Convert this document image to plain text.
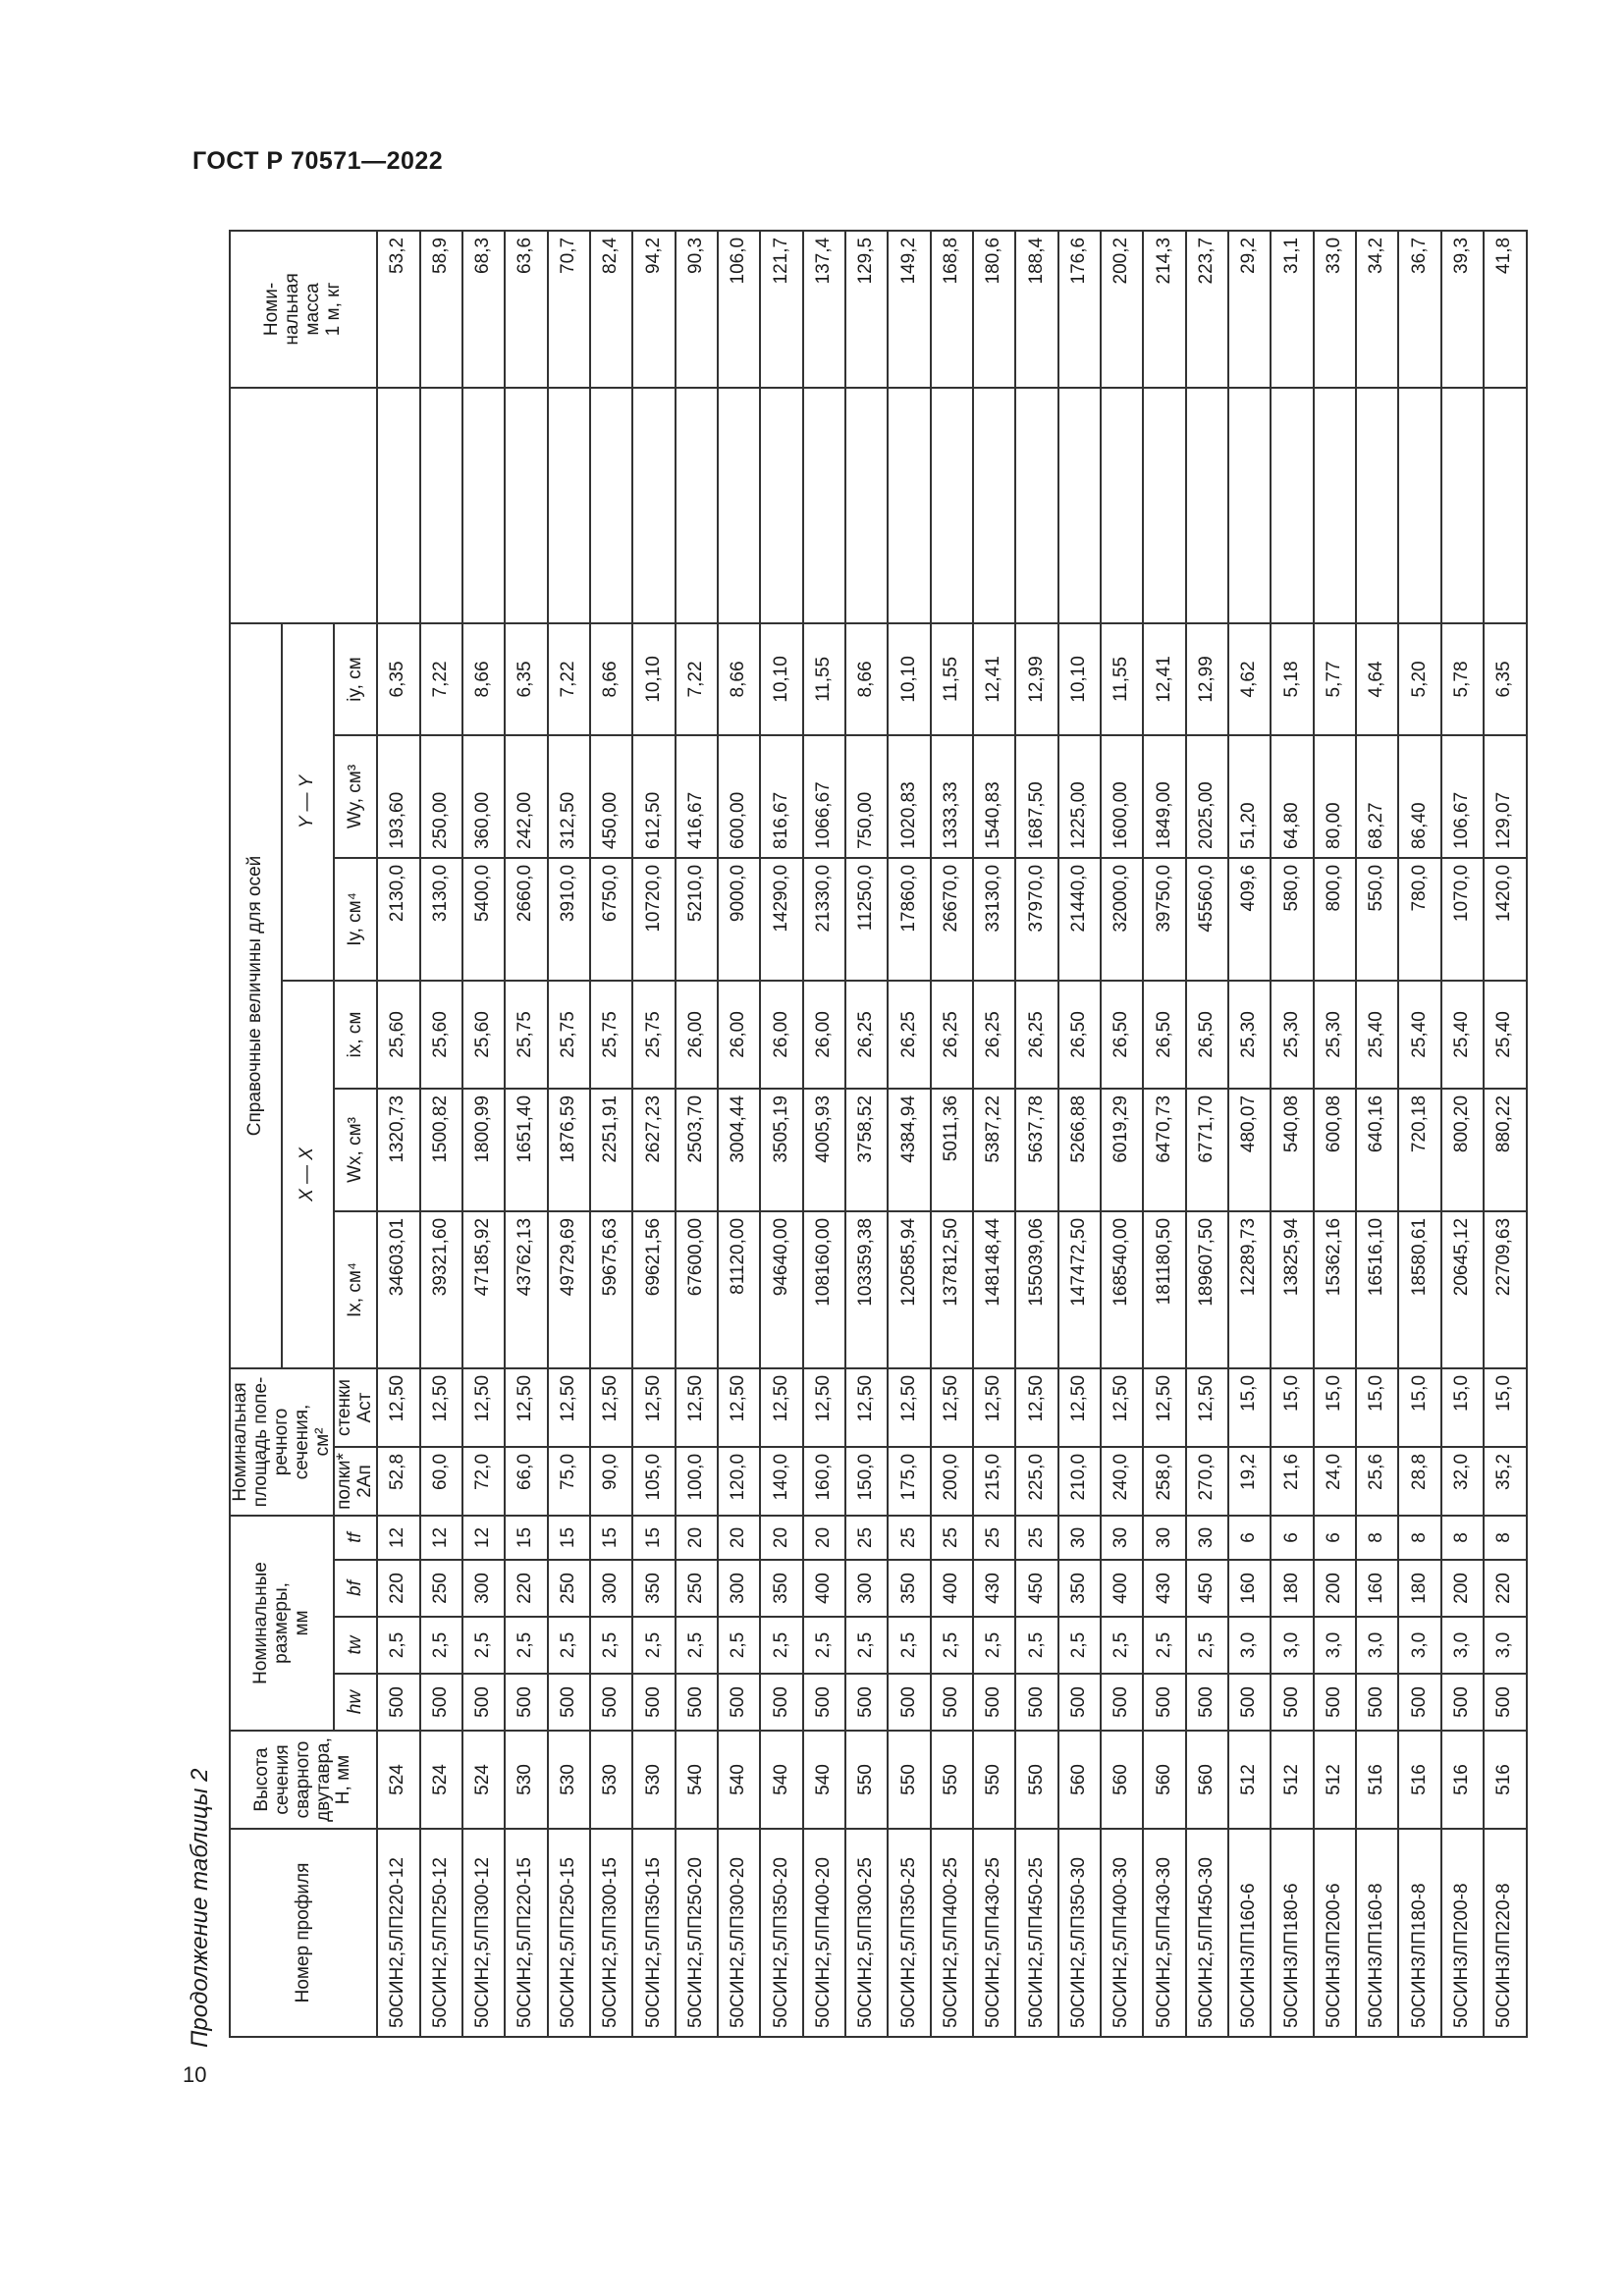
ГОСТ Р 70571—2022
Продолжение таблицы 2
10
Номер профиля	Высота
сечения
сварного
двутавра,
Н, мм	Номинальные размеры,
мм				Номинальная
площадь попе-
речного сечения,
см²		Справочные величины для осей							Номи-
нальная
масса
1 м, кг
								X — X			Y — Y				
		hw	tw	bf	tf	полки*
2Aп	стенки
Aст	Ix, см⁴	Wx, см³	ix, см	Iy, см⁴	Wy, см³	iy, см		
50СИН2,5ЛП220-12	524	500	2,5	220	12	52,8	12,50	34603,01	1320,73	25,60	2130,0	193,60	6,35		53,2
50СИН2,5ЛП250-12	524	500	2,5	250	12	60,0	12,50	39321,60	1500,82	25,60	3130,0	250,00	7,22		58,9
50СИН2,5ЛП300-12	524	500	2,5	300	12	72,0	12,50	47185,92	1800,99	25,60	5400,0	360,00	8,66		68,3
50СИН2,5ЛП220-15	530	500	2,5	220	15	66,0	12,50	43762,13	1651,40	25,75	2660,0	242,00	6,35		63,6
50СИН2,5ЛП250-15	530	500	2,5	250	15	75,0	12,50	49729,69	1876,59	25,75	3910,0	312,50	7,22		70,7
50СИН2,5ЛП300-15	530	500	2,5	300	15	90,0	12,50	59675,63	2251,91	25,75	6750,0	450,00	8,66		82,4
50СИН2,5ЛП350-15	530	500	2,5	350	15	105,0	12,50	69621,56	2627,23	25,75	10720,0	612,50	10,10		94,2
50СИН2,5ЛП250-20	540	500	2,5	250	20	100,0	12,50	67600,00	2503,70	26,00	5210,0	416,67	7,22		90,3
50СИН2,5ЛП300-20	540	500	2,5	300	20	120,0	12,50	81120,00	3004,44	26,00	9000,0	600,00	8,66		106,0
50СИН2,5ЛП350-20	540	500	2,5	350	20	140,0	12,50	94640,00	3505,19	26,00	14290,0	816,67	10,10		121,7
50СИН2,5ЛП400-20	540	500	2,5	400	20	160,0	12,50	108160,00	4005,93	26,00	21330,0	1066,67	11,55		137,4
50СИН2,5ЛП300-25	550	500	2,5	300	25	150,0	12,50	103359,38	3758,52	26,25	11250,0	750,00	8,66		129,5
50СИН2,5ЛП350-25	550	500	2,5	350	25	175,0	12,50	120585,94	4384,94	26,25	17860,0	1020,83	10,10		149,2
50СИН2,5ЛП400-25	550	500	2,5	400	25	200,0	12,50	137812,50	5011,36	26,25	26670,0	1333,33	11,55		168,8
50СИН2,5ЛП430-25	550	500	2,5	430	25	215,0	12,50	148148,44	5387,22	26,25	33130,0	1540,83	12,41		180,6
50СИН2,5ЛП450-25	550	500	2,5	450	25	225,0	12,50	155039,06	5637,78	26,25	37970,0	1687,50	12,99		188,4
50СИН2,5ЛП350-30	560	500	2,5	350	30	210,0	12,50	147472,50	5266,88	26,50	21440,0	1225,00	10,10		176,6
50СИН2,5ЛП400-30	560	500	2,5	400	30	240,0	12,50	168540,00	6019,29	26,50	32000,0	1600,00	11,55		200,2
50СИН2,5ЛП430-30	560	500	2,5	430	30	258,0	12,50	181180,50	6470,73	26,50	39750,0	1849,00	12,41		214,3
50СИН2,5ЛП450-30	560	500	2,5	450	30	270,0	12,50	189607,50	6771,70	26,50	45560,0	2025,00	12,99		223,7
50СИН3ЛП160-6	512	500	3,0	160	6	19,2	15,0	12289,73	480,07	25,30	409,6	51,20	4,62		29,2
50СИН3ЛП180-6	512	500	3,0	180	6	21,6	15,0	13825,94	540,08	25,30	580,0	64,80	5,18		31,1
50СИН3ЛП200-6	512	500	3,0	200	6	24,0	15,0	15362,16	600,08	25,30	800,0	80,00	5,77		33,0
50СИН3ЛП160-8	516	500	3,0	160	8	25,6	15,0	16516,10	640,16	25,40	550,0	68,27	4,64		34,2
50СИН3ЛП180-8	516	500	3,0	180	8	28,8	15,0	18580,61	720,18	25,40	780,0	86,40	5,20		36,7
50СИН3ЛП200-8	516	500	3,0	200	8	32,0	15,0	20645,12	800,20	25,40	1070,0	106,67	5,78		39,3
50СИН3ЛП220-8	516	500	3,0	220	8	35,2	15,0	22709,63	880,22	25,40	1420,0	129,07	6,35		41,8
